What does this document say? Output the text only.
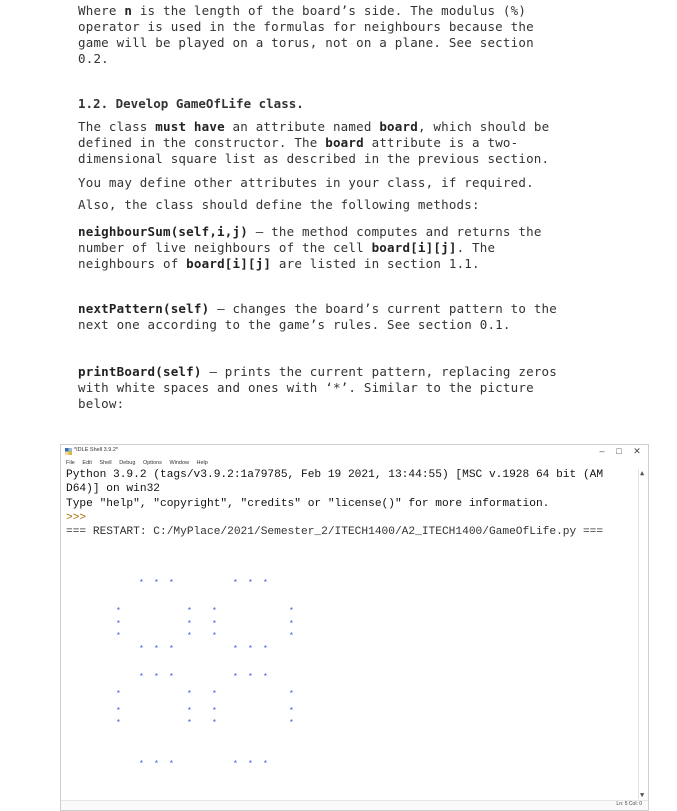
Where n is the length of the board’s side. The modulus (%)
operator is used in the formulas for neighbours because the
game will be played on a torus, not on a plane. See section
0.2.
1.2. Develop GameOfLife class.
The class must have an attribute named board, which should be
defined in the constructor. The board attribute is a two-
dimensional square list as described in the previous section.
You may define other attributes in your class, if required.
Also, the class should define the following methods:
neighbourSum(self,i,j) – the method computes and returns the
number of live neighbours of the cell board[i][j]. The
neighbours of board[i][j] are listed in section 1.1.
nextPattern(self) – changes the board’s current pattern to the
next one according to the game’s rules. See section 0.1.
printBoard(self) – prints the current pattern, replacing zeros
with white spaces and ones with ‘*’. Similar to the picture
below:
*IDLE Shell 3.9.2*	–	□	✕
File Edit Shell Debug Options Window Help
Python 3.9.2 (tags/v3.9.2:1a79785, Feb 19 2021, 13:44:55) [MSC v.1928 64 bit (AM
D64)] on win32
Type "help", "copyright", "credits" or "license()" for more information.
>>>
=== RESTART: C:/MyPlace/2021/Semester_2/ITECH1400/A2_ITECH1400/GameOfLife.py ===
* * *	* * *
*	*	*	*
*	*	*	*
*	*	*	*
* * *	* * *
* * *	* * *
*	*	*	*
*	*	*	*
*	*	*	*
* * *	* * *
▲
▼
Ln: 5 Col: 0
